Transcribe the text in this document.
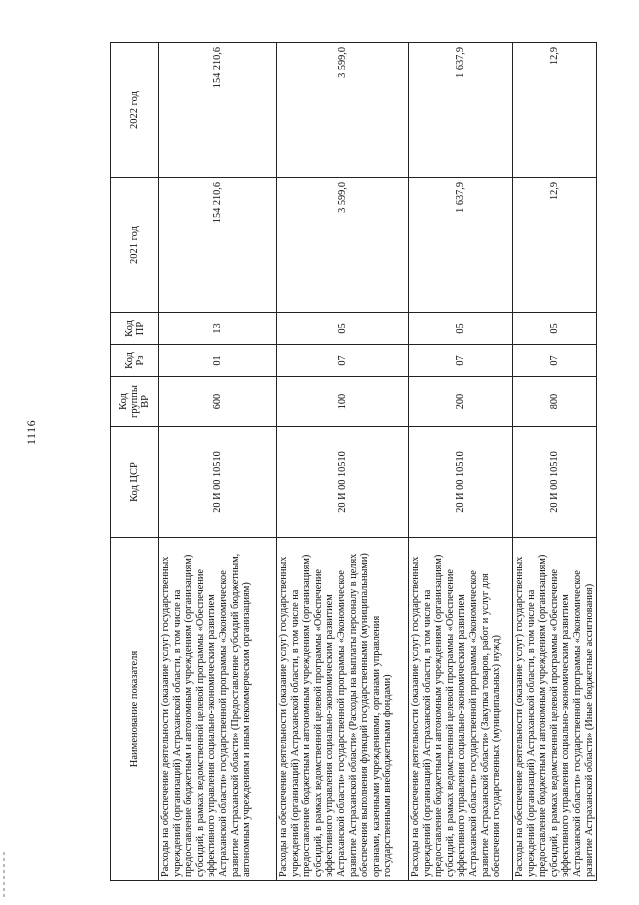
1116
Наименование показателя	Код ЦСР	Код группы ВР	Код Рз	Код ПР	2021 год	2022 год
Расходы на обеспечение деятельности (оказание услуг) государственных учреждений (организаций) Астраханской области, в том числе на предоставление бюджетным и автономным учреждениям (организациям) субсидий, в рамках ведомственной целевой программы «Обеспечение эффективного управления социально-экономическим развитием Астраханской области» государственной программы «Экономическое развитие Астраханской области» (Предоставление субсидий бюджетным, автономным учреждениям и иным некоммерческим организациям)	20 И 00 10510	600	01	13	154 210,6	154 210,6
Расходы на обеспечение деятельности (оказание услуг) государственных учреждений (организаций) Астраханской области, в том числе на предоставление бюджетным и автономным учреждениям (организациям) субсидий, в рамках ведомственной целевой программы «Обеспечение эффективного управления социально-экономическим развитием Астраханской области» государственной программы «Экономическое развитие Астраханской области» (Расходы на выплаты персоналу в целях обеспечения выполнения функций государственными (муниципальными) органами, казенными учреждениями, органами управления государственными внебюджетными фондами)	20 И 00 10510	100	07	05	3 599,0	3 599,0
Расходы на обеспечение деятельности (оказание услуг) государственных учреждений (организаций) Астраханской области, в том числе на предоставление бюджетным и автономным учреждениям (организациям) субсидий, в рамках ведомственной целевой программы «Обеспечение эффективного управления социально-экономическим развитием Астраханской области» государственной программы «Экономическое развитие Астраханской области» (Закупка товаров, работ и услуг для обеспечения государственных (муниципальных) нужд)	20 И 00 10510	200	07	05	1 637,9	1 637,9
Расходы на обеспечение деятельности (оказание услуг) государственных учреждений (организаций) Астраханской области, в том числе на предоставление бюджетным и автономным учреждениям (организациям) субсидий, в рамках ведомственной целевой программы «Обеспечение эффективного управления социально-экономическим развитием Астраханской области» государственной программы «Экономическое развитие Астраханской области» (Иные бюджетные ассигнования)	20 И 00 10510	800	07	05	12,9	12,9
